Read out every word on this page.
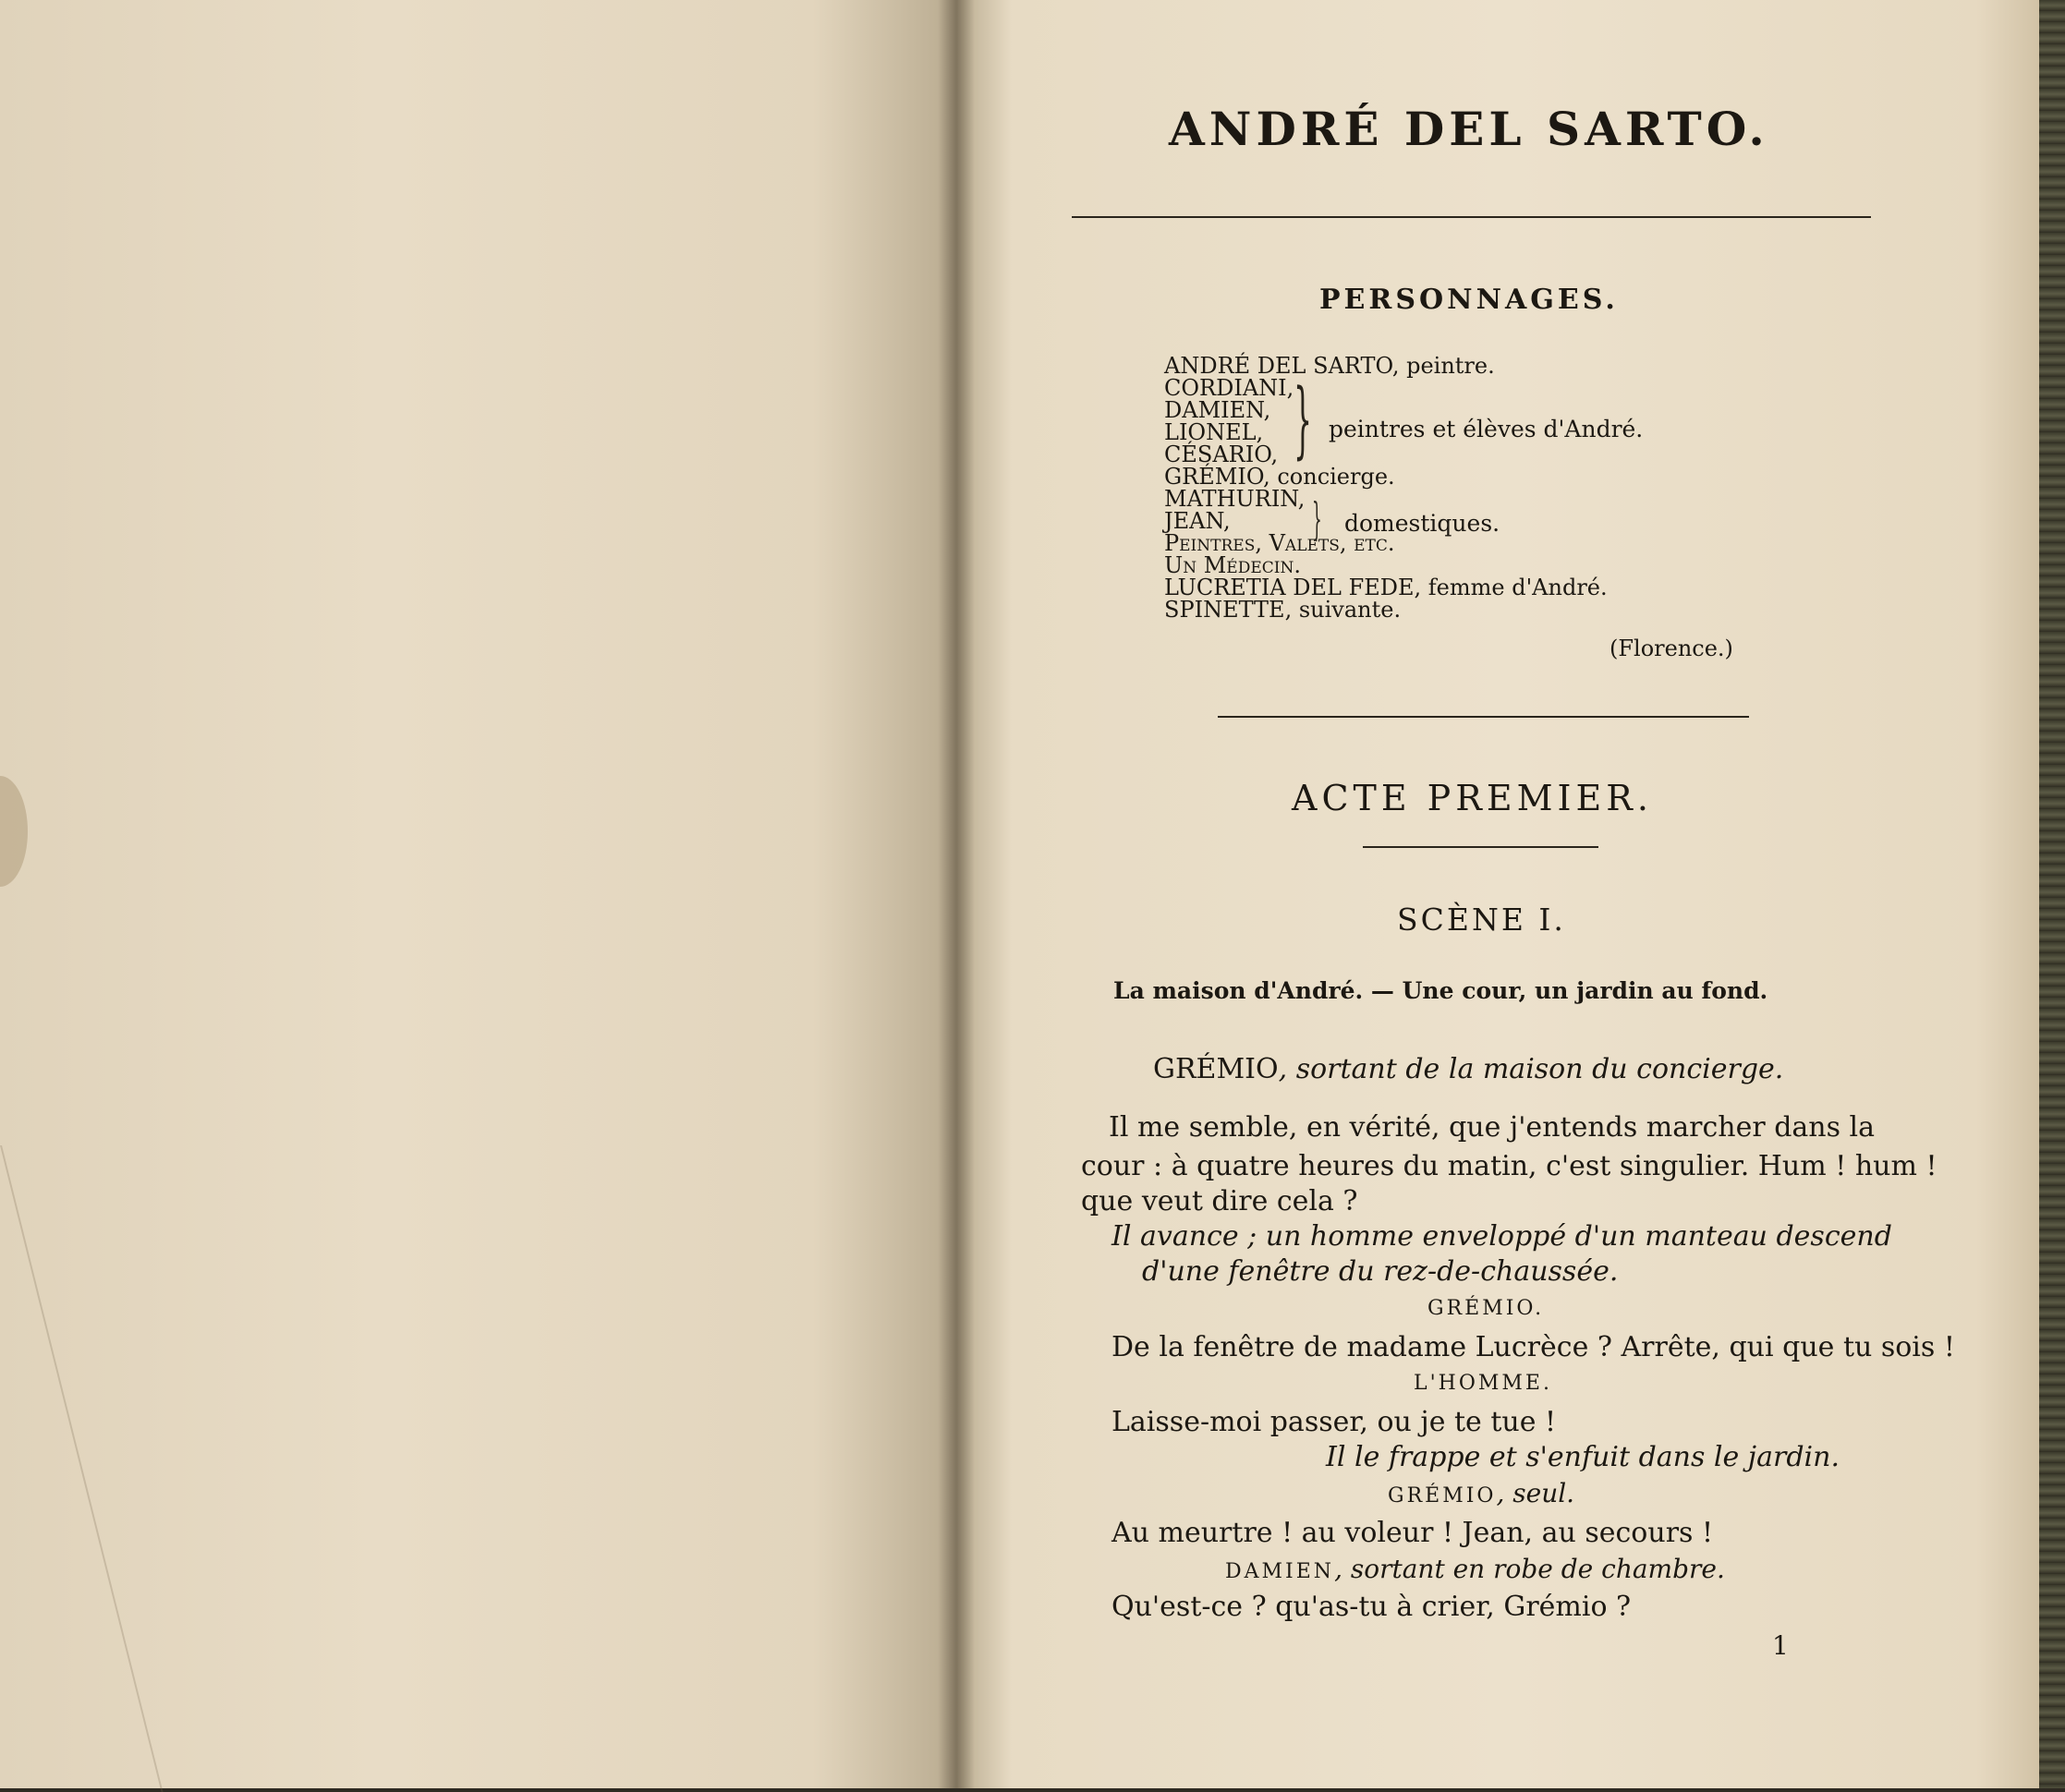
ANDRÉ DEL SARTO.
PERSONNAGES.
ANDRÉ DEL SARTO, peintre.
CORDIANI,
DAMIEN,
LIONEL,
CÉSARIO,
GRÉMIO, concierge.
MATHURIN,
JEAN,
Peintres, Valets, etc.
Un Médecin.
LUCRETIA DEL FEDE, femme d'André.
SPINETTE, suivante.
} peintres et élèves d'André.
} domestiques.
(Florence.)
ACTE PREMIER.
SCÈNE I.
La maison d'André. — Une cour, un jardin au fond.
GRÉMIO, sortant de la maison du concierge.
Il me semble, en vérité, que j'entends marcher dans la
cour : à quatre heures du matin, c'est singulier. Hum ! hum !
que veut dire cela ?
Il avance ; un homme enveloppé d'un manteau descend
d'une fenêtre du rez-de-chaussée.
GRÉMIO.
De la fenêtre de madame Lucrèce ? Arrête, qui que tu sois !
L'HOMME.
Laisse-moi passer, ou je te tue !
Il le frappe et s'enfuit dans le jardin.
GRÉMIO, seul.
Au meurtre ! au voleur ! Jean, au secours !
DAMIEN, sortant en robe de chambre.
Qu'est-ce ? qu'as-tu à crier, Grémio ?
1
